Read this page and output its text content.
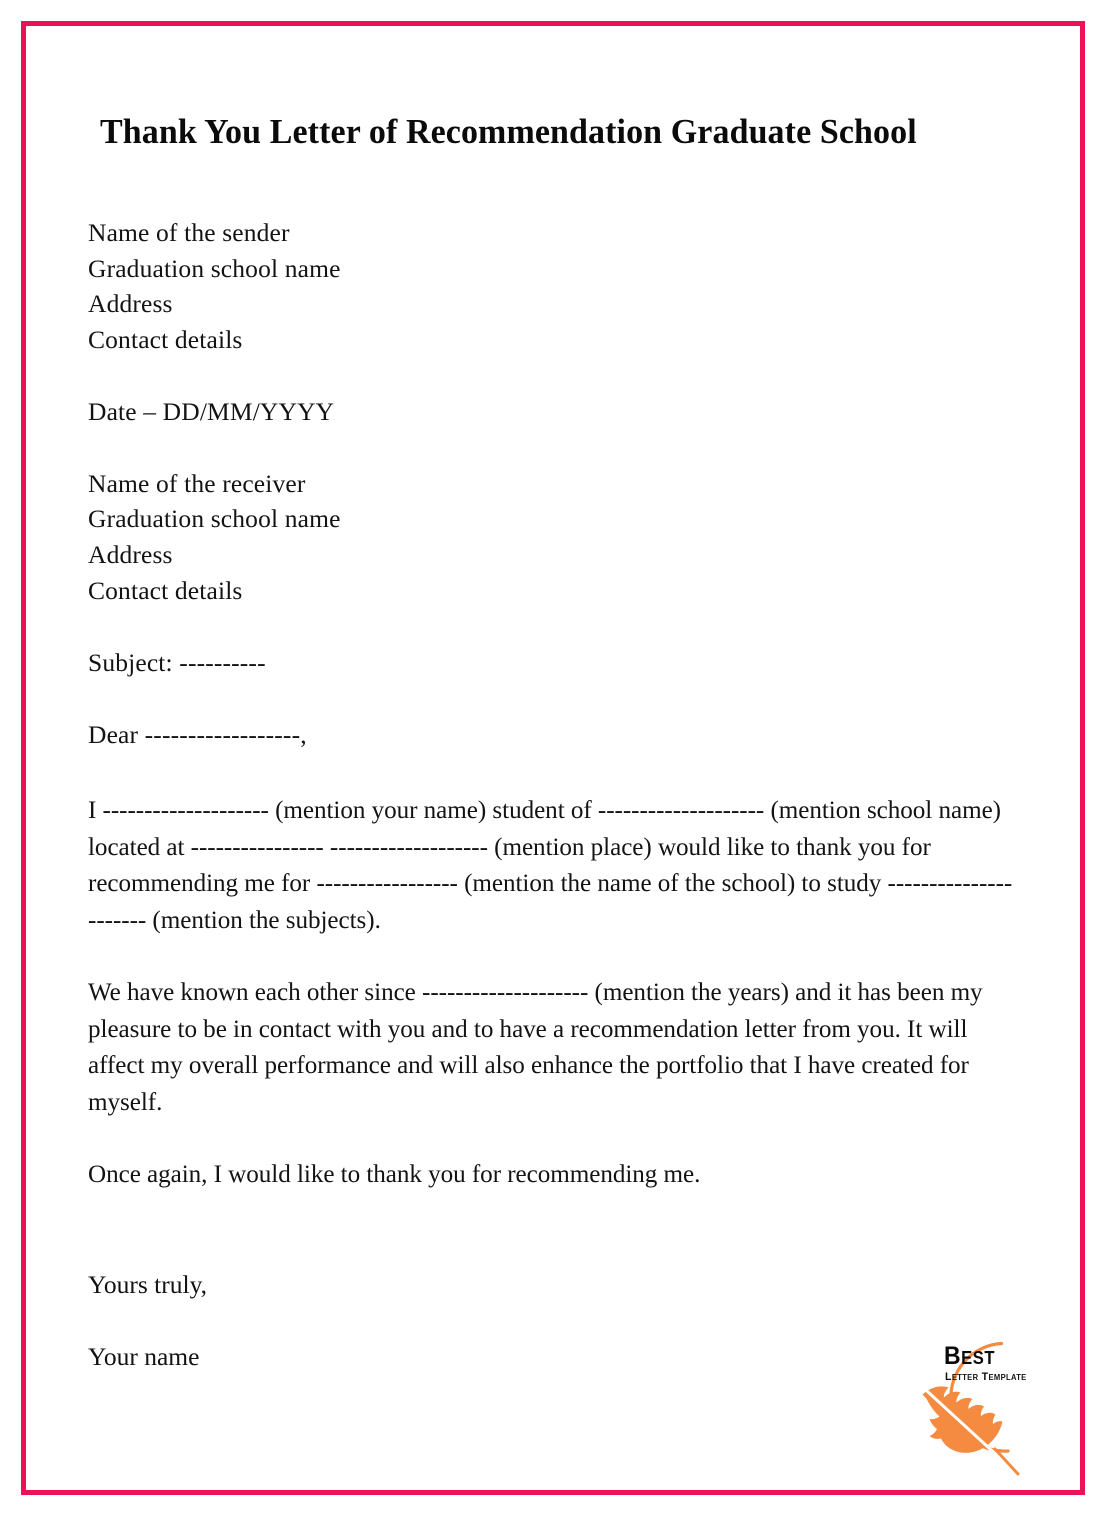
Thank You Letter of Recommendation Graduate School
Name of the sender
Graduation school name
Address
Contact details

Date – DD/MM/YYYY

Name of the receiver
Graduation school name
Address
Contact details

Subject: ----------

Dear ------------------,

I -------------------- (mention your name) student of -------------------- (mention school name) located at ---------------- ------------------- (mention place) would like to thank you for recommending me for ----------------- (mention the name of the school) to study ---------------------- (mention the subjects).

We have known each other since -------------------- (mention the years) and it has been my pleasure to be in contact with you and to have a recommendation letter from you. It will affect my overall performance and will also enhance the portfolio that I have created for myself.

Once again, I would like to thank you for recommending me.

Yours truly,

Your name	Best
Letter Template
